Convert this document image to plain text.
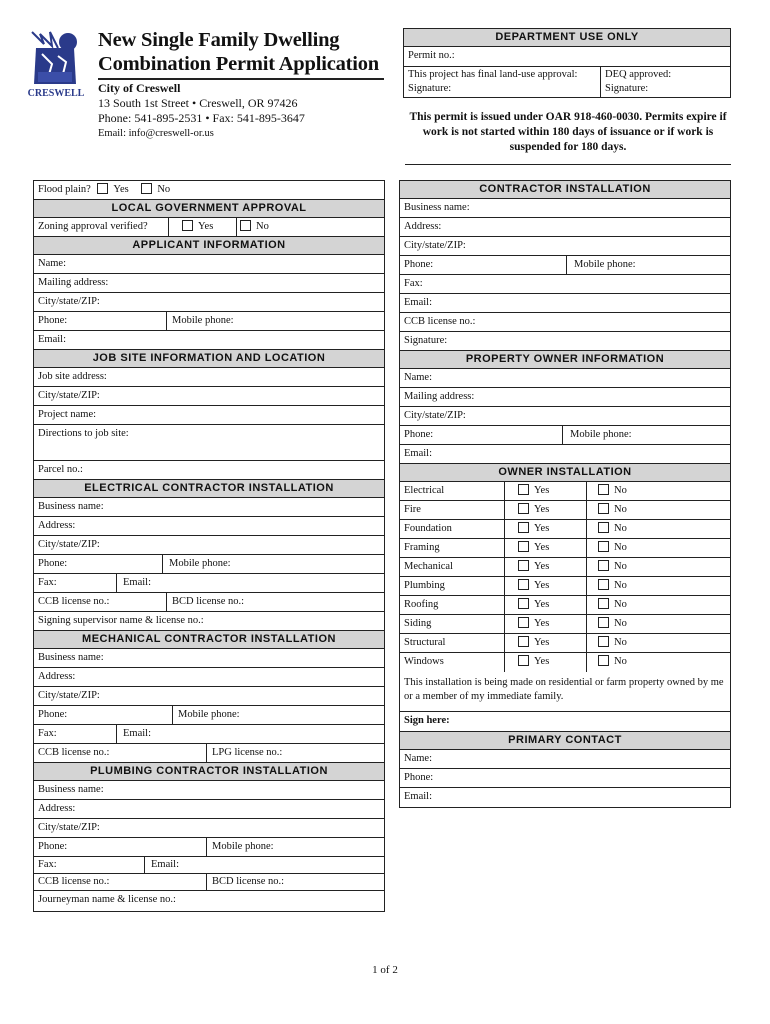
CRESWELL
New Single Family Dwelling
Combination Permit Application
City of Creswell
13 South 1st Street • Creswell, OR 97426
Phone: 541-895-2531 • Fax: 541-895-3647
Email: info@creswell-or.us
DEPARTMENT USE ONLY
Permit no.:
This project has final land-use approval:
Signature:
DEQ approved:
Signature:
This permit is issued under OAR 918-460-0030. Permits expire if work is not started within 180 days of issuance or if work is suspended for 180 days.
Flood plain? Yes	No
LOCAL GOVERNMENT APPROVAL
Zoning approval verified?	Yes	No
APPLICANT INFORMATION
Name:
Mailing address:
City/state/ZIP:
Phone:	Mobile phone:
Email:
JOB SITE INFORMATION AND LOCATION
Job site address:
City/state/ZIP:
Project name:
Directions to job site:
Parcel no.:
ELECTRICAL CONTRACTOR INSTALLATION
Business name:
Address:
City/state/ZIP:
Phone:	Mobile phone:
Fax:	Email:
CCB license no.:	BCD license no.:
Signing supervisor name & license no.:
MECHANICAL CONTRACTOR INSTALLATION
Business name:
Address:
City/state/ZIP:
Phone:	Mobile phone:
Fax:	Email:
CCB license no.:	LPG license no.:
PLUMBING CONTRACTOR INSTALLATION
Business name:
Address:
City/state/ZIP:
Phone:	Mobile phone:
Fax:	Email:
CCB license no.:	BCD license no.:
Journeyman name & license no.:
CONTRACTOR INSTALLATION
Business name:
Address:
City/state/ZIP:
Phone:	Mobile phone:
Fax:
Email:
CCB license no.:
Signature:
PROPERTY OWNER INFORMATION
Name:
Mailing address:
City/state/ZIP:
Phone:	Mobile phone:
Email:
OWNER INSTALLATION
Electrical	Yes	No
Fire	Yes	No
Foundation	Yes	No
Framing	Yes	No
Mechanical	Yes	No
Plumbing	Yes	No
Roofing	Yes	No
Siding	Yes	No
Structural	Yes	No
Windows	Yes	No
This installation is being made on residential or farm property owned by me or a member of my immediate family.
Sign here:
PRIMARY CONTACT
Name:
Phone:
Email:
1 of 2
